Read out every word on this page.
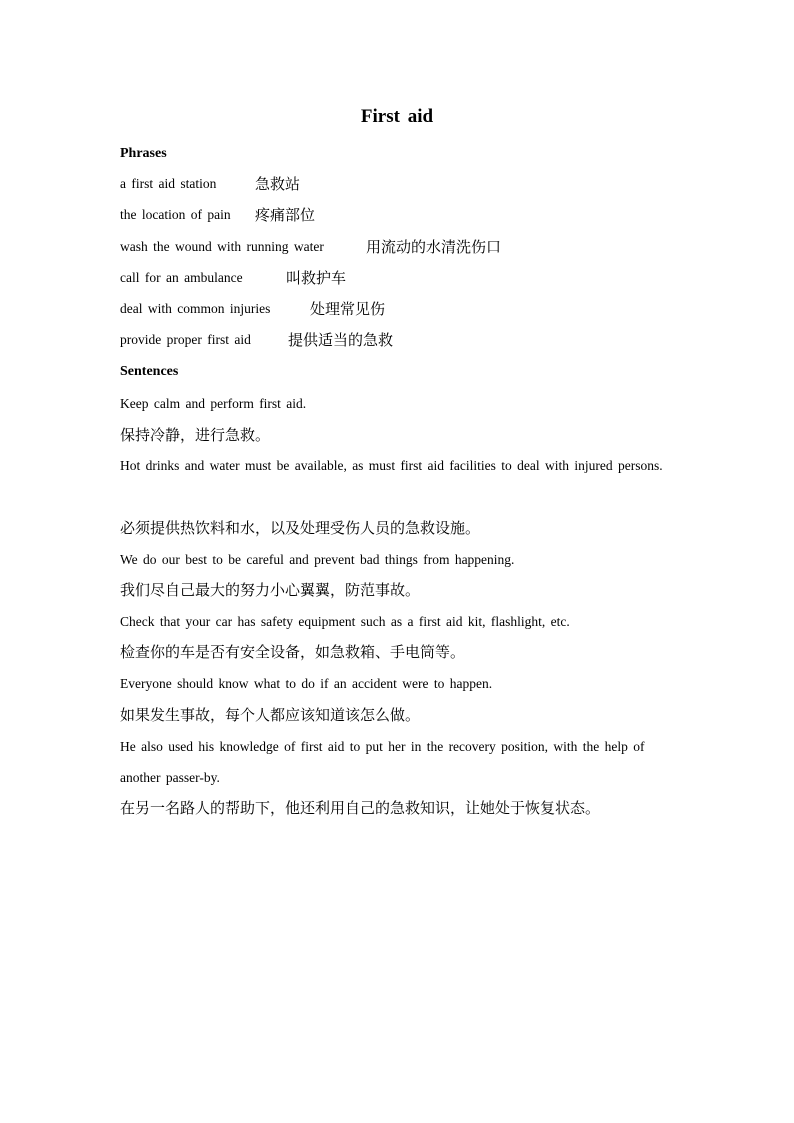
First aid
Phrases
a first aid station	急救站
the location of pain 疼痛部位
wash the wound with running water	用流动的水清洗伤口
call for an ambulance	叫救护车
deal with common injuries	处理常见伤
provide proper first aid 提供适当的急救
Sentences
Keep calm and perform first aid.
保持冷静，进行急救。
Hot drinks and water must be available, as must first aid facilities to deal with injured persons.
必须提供热饮料和水，以及处理受伤人员的急救设施。
We do our best to be careful and prevent bad things from happening.
我们尽自己最大的努力小心翼翼，防范事故。
Check that your car has safety equipment such as a first aid kit, flashlight, etc.
检查你的车是否有安全设备，如急救箱、手电筒等。
Everyone should know what to do if an accident were to happen.
如果发生事故，每个人都应该知道该怎么做。
He also used his knowledge of first aid to put her in the recovery position, with the help of another passer-by.
在另一名路人的帮助下，他还利用自己的急救知识，让她处于恢复状态。
